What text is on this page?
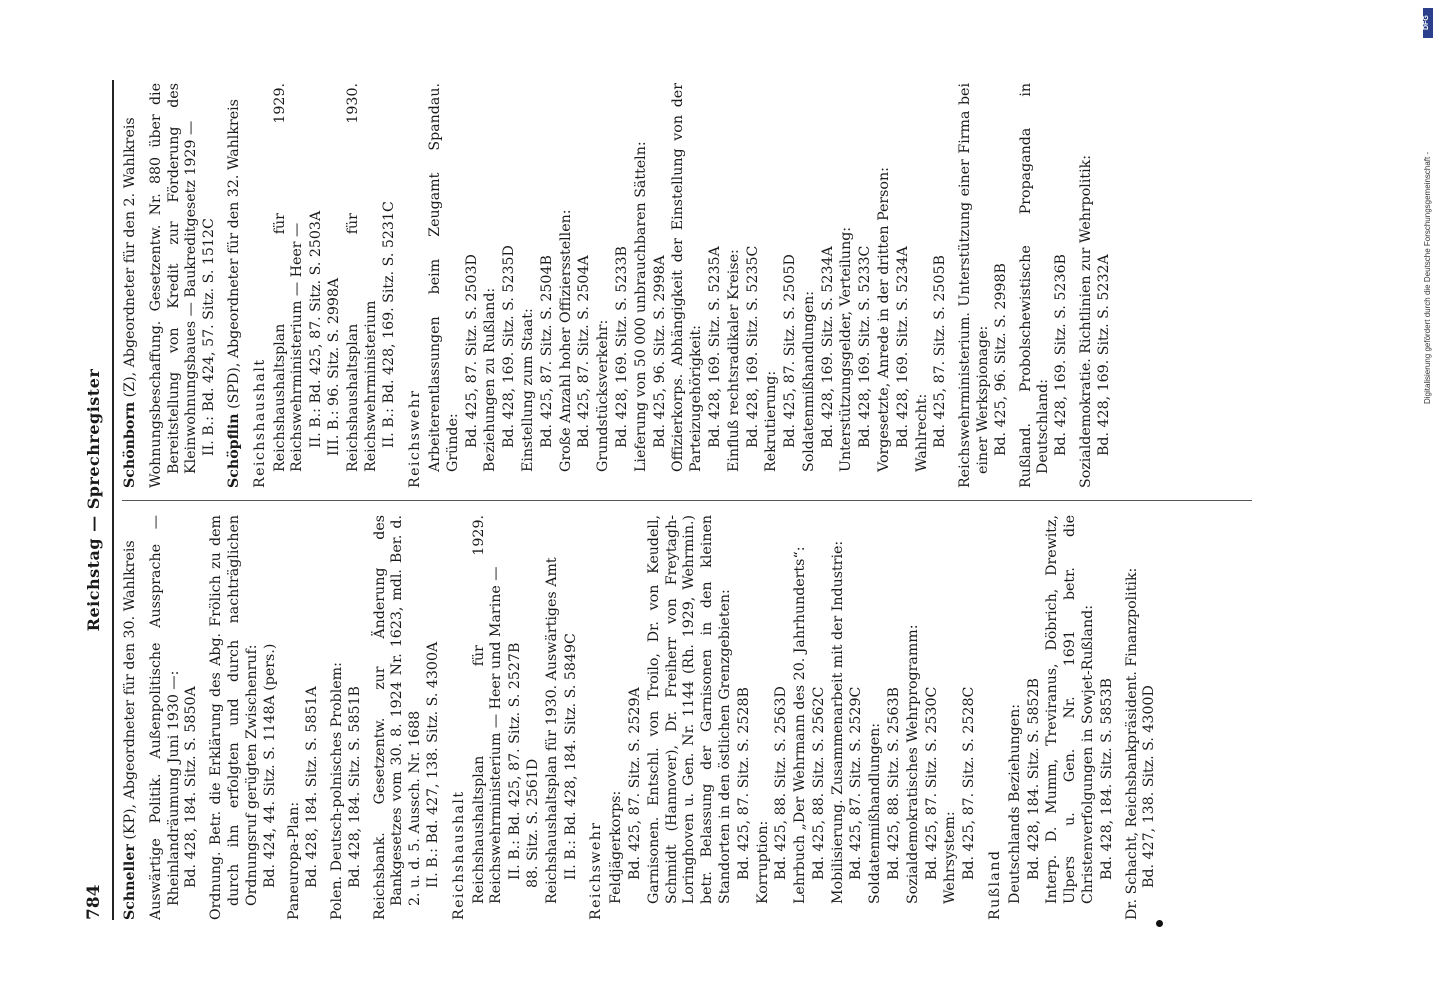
784
Reichstag — Sprechregister
Schneller (KP), Abgeordneter für den 30. Wahlkreis Auswärtige Politik. Außenpolitische Aussprache — Rheinlandräumung Juni 1930 —: Bd. 428, 184. Sitz. S. 5850A Ordnung. Betr. die Erklärung des Abg. Frölich zu dem durch ihn erfolgten und durch nachträglichen Ordnungsruf gerügten Zwischenruf: Bd. 424, 44. Sitz. S. 1148A (pers.) Paneuropa-Plan: Bd. 428, 184. Sitz. S. 5851A Polen. Deutsch-polnisches Problem: Bd. 428, 184. Sitz. S. 5851B Reichsbank. Gesetzentw. zur Änderung des Bankgesetzes vom 30. 8. 1924 Nr. 1623, mdl. Ber. d. 2. u. d. 5. Aussch. Nr. 1688 II. B.: Bd. 427, 138. Sitz. S. 4300A Reichshaushalt Reichshaushaltsplan für 1929. Reichswehrministerium — Heer und Marine — II. B.: Bd. 425, 87. Sitz. S. 2527B 88. Sitz. S. 2561D Reichshaushaltsplan für 1930. Auswärtiges Amt II. B.: Bd. 428, 184. Sitz. S. 5849C Reichswehr Feldjägerkorps: Bd. 425, 87. Sitz. S. 2529A Garnisonen. Entschl. von Troilo, Dr. von Keudell, Schmidt (Hannover), Dr. Freiherr von Freytagh-Loringhoven u. Gen. Nr. 1144 (Rh. 1929, Wehrmin.) betr. Belassung der Garnisonen in den kleinen Standorten in den östlichen Grenzgebieten: Bd. 425, 87. Sitz. S. 2528B Korruption: Bd. 425, 88. Sitz. S. 2563D Lehrbuch „Der Wehrmann des 20. Jahrhunderts“: Bd. 425, 88. Sitz. S. 2562C Mobilisierung. Zusammenarbeit mit der Industrie: Bd. 425, 87. Sitz. S. 2529C Soldatenmißhandlungen: Bd. 425, 88. Sitz. S. 2563B Sozialdemokratisches Wehrprogramm: Bd. 425, 87. Sitz. S. 2530C Wehrsystem: Bd. 425, 87. Sitz. S. 2528C
Rußland Deutschlands Beziehungen: Bd. 428, 184. Sitz. S. 5852B Interp. D. Mumm, Treviranus, Döbrich, Drewitz, Ulpers u. Gen. Nr. 1691 betr. die Christenverfolgungen in Sowjet-Rußland: Bd. 428, 184. Sitz. S. 5853B Dr. Schacht, Reichsbankpräsident. Finanzpolitik: Bd. 427, 138. Sitz. S. 4300D
Schönborn (Z), Abgeordneter für den 2. Wahlkreis Wohnungsbeschaffung. Gesetzentw. Nr. 880 über die Bereitstellung von Kredit zur Förderung des Kleinwohnungsbaues — Baukreditgesetz 1929 — II. B.: Bd. 424, 57. Sitz. S. 1512C Schöpflin (SPD), Abgeordneter für den 32. Wahlkreis
Reichshaushalt Reichshaushaltsplan für 1929. Reichswehrministerium — Heer — II. B.: Bd. 425, 87. Sitz. S. 2503A III. B.: 96. Sitz. S. 2998A Reichshaushaltsplan für 1930. Reichswehrministerium II. B.: Bd. 428, 169. Sitz. S. 5231C Reichswehr Arbeiterentlassungen beim Zeugamt Spandau. Gründe: Bd. 425, 87. Sitz. S. 2503D Beziehungen zu Rußland: Bd. 428, 169. Sitz. S. 5235D Einstellung zum Staat: Bd. 425, 87. Sitz. S. 2504B Große Anzahl hoher Offiziersstellen: Bd. 425, 87. Sitz. S. 2504A Grundstücksverkehr: Bd. 428, 169. Sitz. S. 5233B Lieferung von 50 000 unbrauchbaren Sätteln: Bd. 425, 96. Sitz. S. 2998A Offizierkorps. Abhängigkeit der Einstellung von der Parteizugehörigkeit: Bd. 428, 169. Sitz. S. 5235A Einfluß rechtsradikaler Kreise: Bd. 428, 169. Sitz. S. 5235C Rekrutierung: Bd. 425, 87. Sitz. S. 2505D Soldatenmißhandlungen: Bd. 428, 169. Sitz. S. 5234A Unterstützungsgelder, Verteilung: Bd. 428, 169. Sitz. S. 5233C Vorgesetzte, Anrede in der dritten Person: Bd. 428, 169. Sitz. S. 5234A Wahlrecht: Bd. 425, 87. Sitz. S. 2505B Reichswehrministerium. Unterstützung einer Firma bei einer Werkspionage: Bd. 425, 96. Sitz. S. 2998B Rußland. Probolschewistische Propaganda in Deutschland: Bd. 428, 169. Sitz. S. 5236B Sozialdemokratie. Richtlinien zur Wehrpolitik: Bd. 428, 169. Sitz. S. 5232A
DFG
Digitalisierung gefördert durch die Deutsche Forschungsgemeinschaft -
